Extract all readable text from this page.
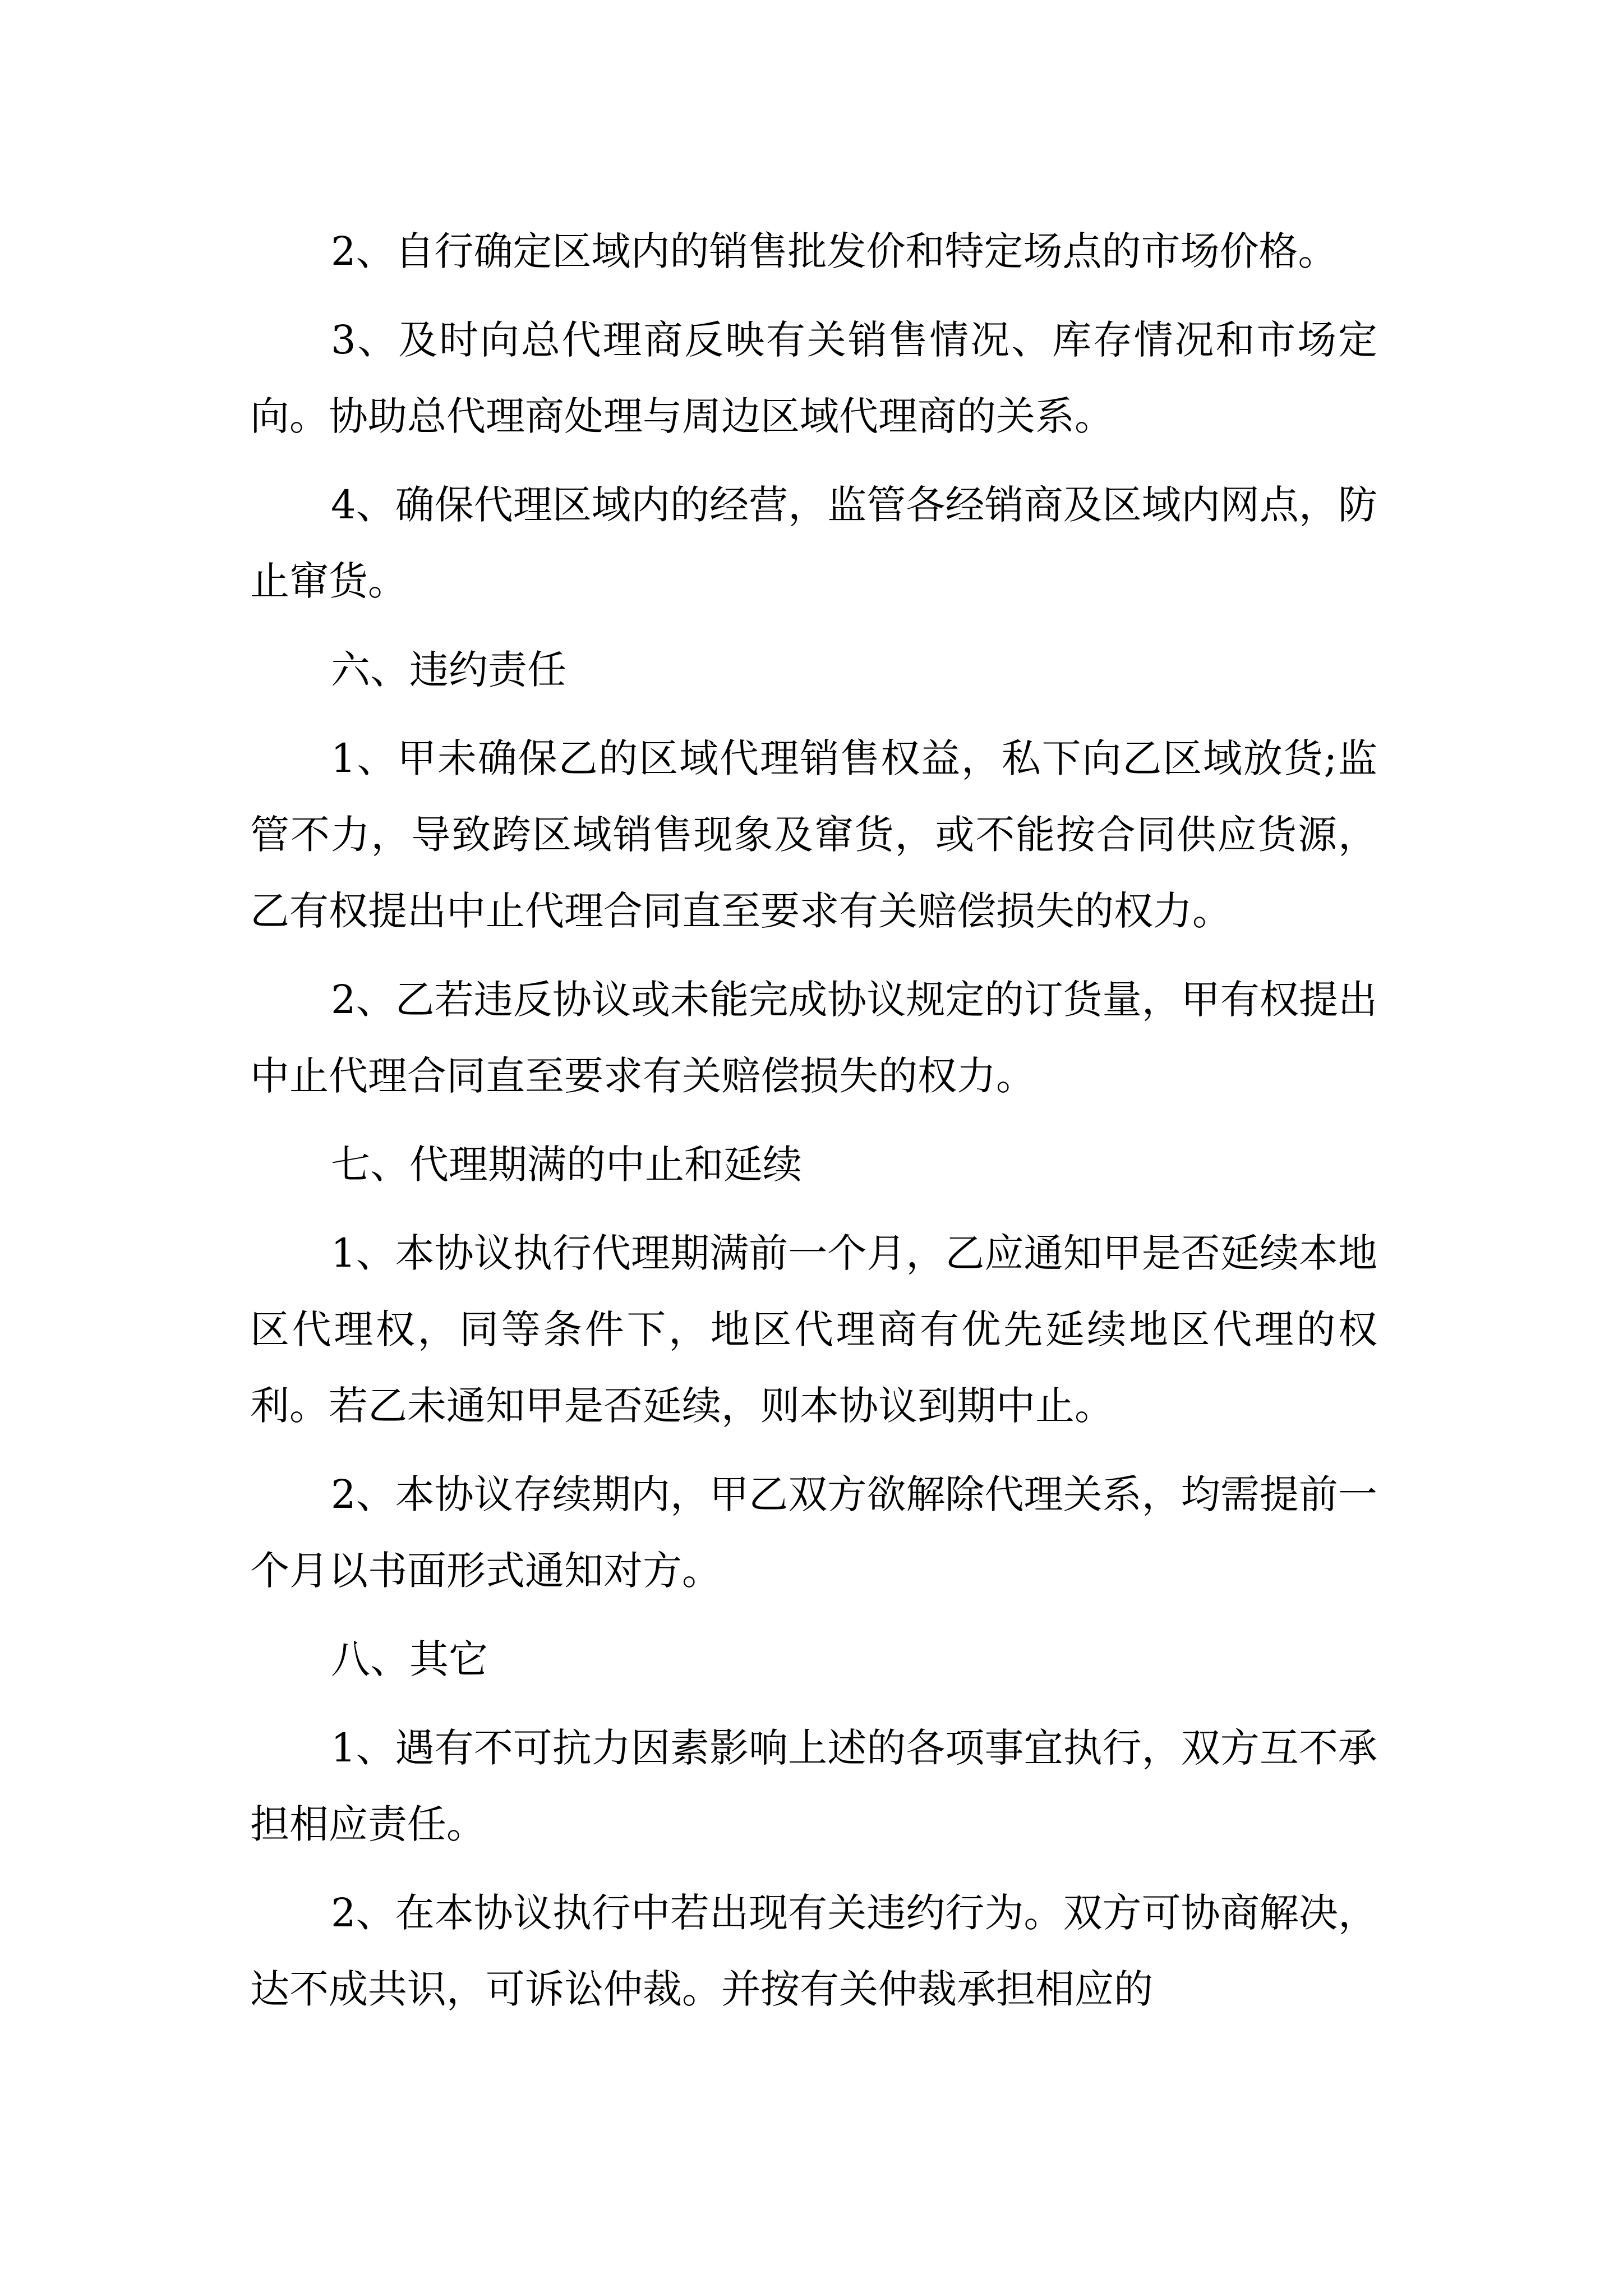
2、自行确定区域内的销售批发价和特定场点的市场价格。

3、及时向总代理商反映有关销售情况、库存情况和市场定向。协助总代理商处理与周边区域代理商的关系。

4、确保代理区域内的经营，监管各经销商及区域内网点，防止窜货。

六、违约责任

1、甲未确保乙的区域代理销售权益，私下向乙区域放货;监管不力，导致跨区域销售现象及窜货，或不能按合同供应货源，乙有权提出中止代理合同直至要求有关赔偿损失的权力。

2、乙若违反协议或未能完成协议规定的订货量，甲有权提出中止代理合同直至要求有关赔偿损失的权力。

七、代理期满的中止和延续

1、本协议执行代理期满前一个月，乙应通知甲是否延续本地区代理权，同等条件下，地区代理商有优先延续地区代理的权利。若乙未通知甲是否延续，则本协议到期中止。

2、本协议存续期内，甲乙双方欲解除代理关系，均需提前一个月以书面形式通知对方。

八、其它

1、遇有不可抗力因素影响上述的各项事宜执行，双方互不承担相应责任。

2、在本协议执行中若出现有关违约行为。双方可协商解决，达不成共识，可诉讼仲裁。并按有关仲裁承担相应的
